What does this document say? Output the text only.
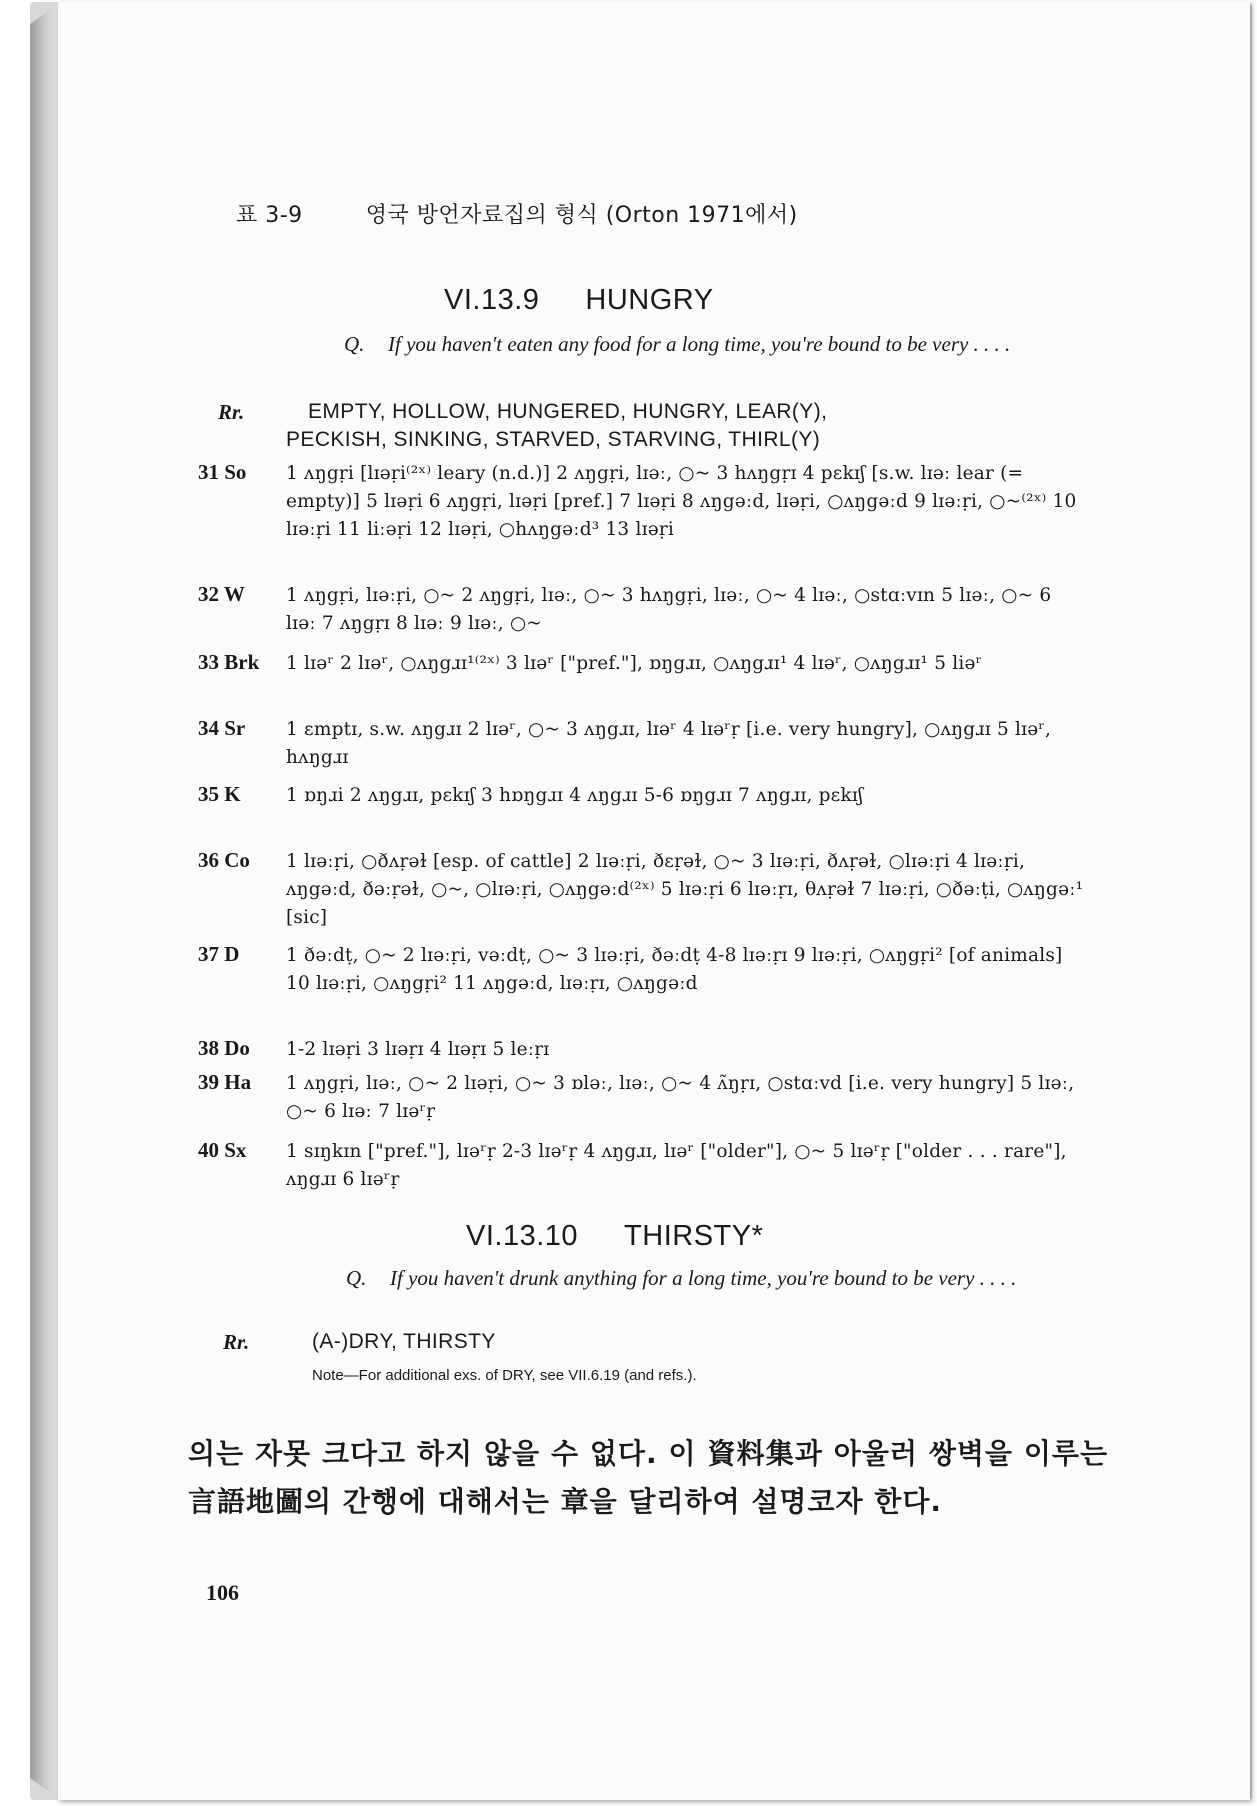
표 3-9	영국 방언자료집의 형식 (Orton 1971에서)
VI.13.9 HUNGRY
Q. If you haven't eaten any food for a long time, you're bound to be very . . . .
Rr.	EMPTY, HOLLOW, HUNGERED, HUNGRY, LEAR(Y),
PECKISH, SINKING, STARVED, STARVING, THIRL(Y)
31 So 1 ʌŋgṛi [lɪəṛi⁽²ˣ⁾ leary (n.d.)] 2 ʌŋgṛi, lɪəː, ○~ 3 hʌŋgṛɪ 4 pɛkɪʃ [s.w. lɪəː lear (= empty)] 5 lɪəṛi 6 ʌŋgṛi, lɪəṛi [pref.] 7 lɪəṛi 8 ʌŋgəːd, lɪəṛi, ○ʌŋgəːd 9 lɪəːṛi, ○~⁽²ˣ⁾ 10 lɪəːṛi 11 liːəṛi 12 lɪəṛi, ○hʌŋgəːd³ 13 lɪəṛi
32 W 1 ʌŋgṛi, lɪəːṛi, ○~ 2 ʌŋgṛi, lɪəː, ○~ 3 hʌŋgṛi, lɪəː, ○~ 4 lɪəː, ○stɑːvɪn 5 lɪəː, ○~ 6 lɪəː 7 ʌŋgṛɪ 8 lɪəː 9 lɪəː, ○~
33 Brk 1 lɪəʳ 2 lɪəʳ, ○ʌŋgɹɪ¹⁽²ˣ⁾ 3 lɪəʳ ["pref."], ɒŋgɹɪ, ○ʌŋgɹɪ¹ 4 lɪəʳ, ○ʌŋgɹɪ¹ 5 liəʳ
34 Sr 1 ɛmptɪ, s.w. ʌŋgɹɪ 2 lɪəʳ, ○~ 3 ʌŋgɹɪ, lɪəʳ 4 lɪəʳṛ [i.e. very hungry], ○ʌŋgɹɪ 5 lɪəʳ, hʌŋgɹɪ
35 K 1 ɒŋɹi 2 ʌŋgɹɪ, pɛkɪʃ 3 hɒŋgɹɪ 4 ʌŋgɹɪ 5-6 ɒŋgɹɪ 7 ʌŋgɹɪ, pɛkɪʃ
36 Co 1 lɪəːṛi, ○ðʌṛəɫ [esp. of cattle] 2 lɪəːṛi, ðɛṛəɫ, ○~ 3 lɪəːṛi, ðʌṛəɫ, ○lɪəːṛi 4 lɪəːṛi, ʌŋgəːd, ðəːṛəɫ, ○~, ○lɪəːṛi, ○ʌŋgəːd⁽²ˣ⁾ 5 lɪəːṛi 6 lɪəːṛɪ, θʌṛəɫ 7 lɪəːṛi, ○ðəːṭi, ○ʌŋgəː¹ [sic]
37 D	1 ðəːdṭ, ○~ 2 lɪəːṛi, vəːdṭ, ○~ 3 lɪəːṛi, ðəːdṭ 4-8 lɪəːṛɪ 9 lɪəːṛi, ○ʌŋgṛi² [of animals] 10 lɪəːṛi, ○ʌŋgṛi² 11 ʌŋgəːd, lɪəːṛɪ, ○ʌŋgəːd
38 Do 1-2 lɪəṛi 3 lɪəṛɪ 4 lɪəṛɪ 5 leːṛɪ
39 Ha 1 ʌŋgṛi, lɪəː, ○~ 2 lɪəṛi, ○~ 3 ɒləː, lɪəː, ○~ 4 ʌ̃ŋṛɪ, ○stɑːvd [i.e. very hungry] 5 lɪəː, ○~ 6 lɪəː 7 lɪəʳṛ
40 Sx 1 sɪŋkɪn ["pref."], lɪəʳṛ 2-3 lɪəʳṛ 4 ʌŋgɹɪ, lɪəʳ ["older"], ○~ 5 lɪəʳṛ ["older . . . rare"], ʌŋgɹɪ 6 lɪəʳṛ
VI.13.10 THIRSTY*
Q. If you haven't drunk anything for a long time, you're bound to be very . . . .
Rr.	(A-)DRY, THIRSTY
Note—For additional exs. of DRY, see VII.6.19 (and refs.).
의는 자못 크다고 하지 않을 수 없다. 이 資料集과 아울러 쌍벽을 이루는 言語地圖의 간행에 대해서는 章을 달리하여 설명코자 한다.
106
